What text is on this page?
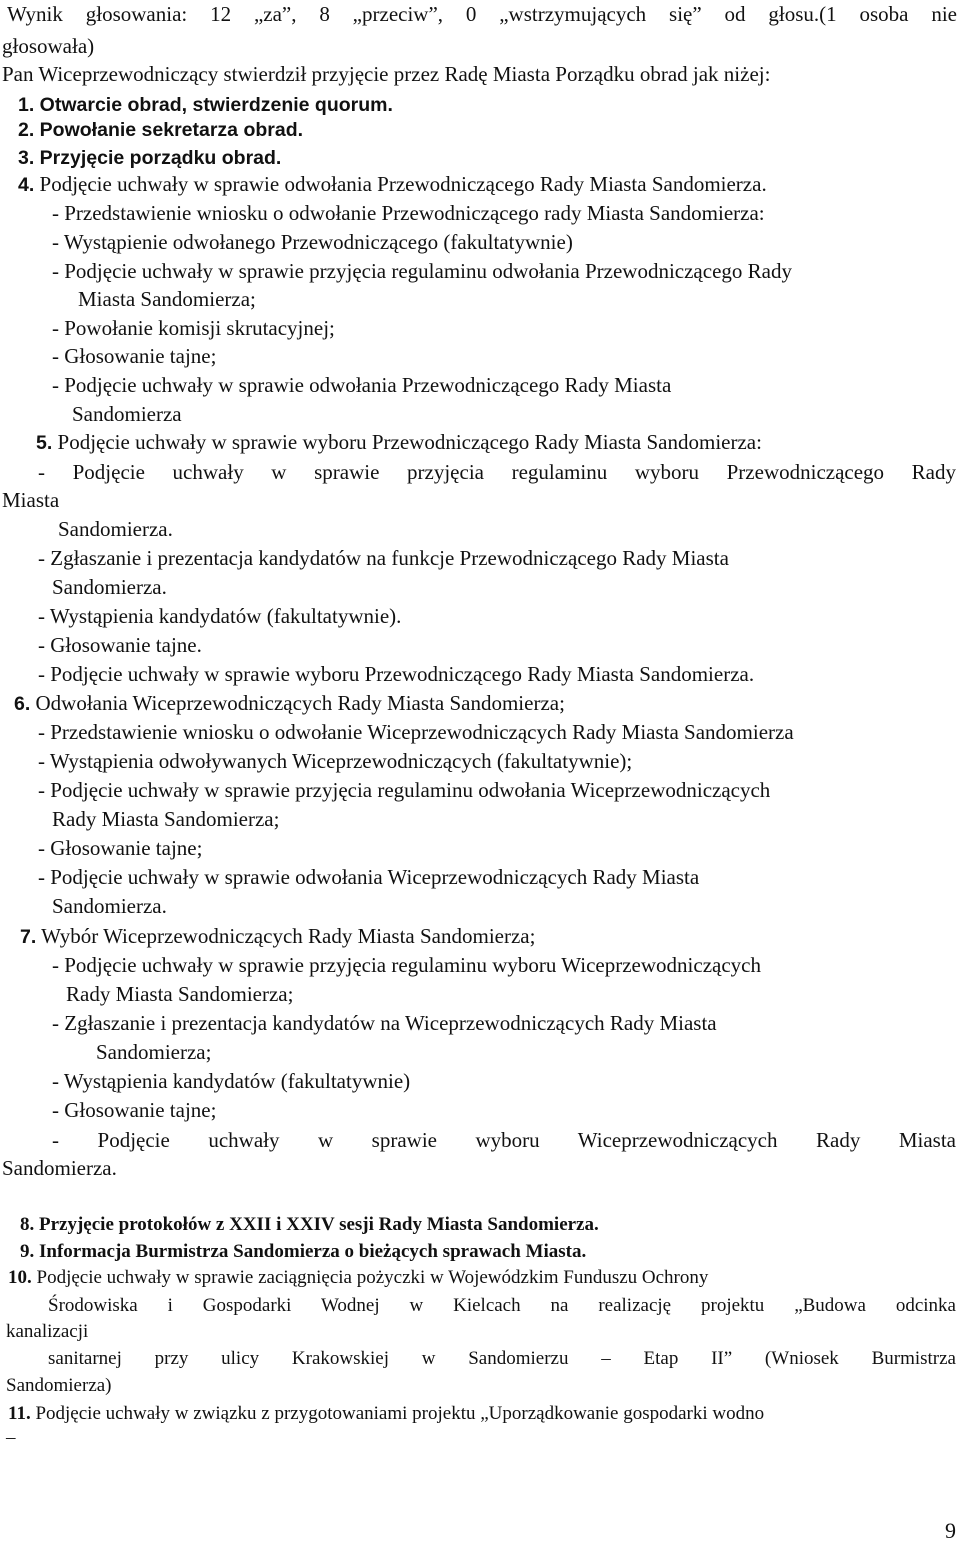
Wynik głosowania: 12 „za”, 8 „przeciw”, 0 „wstrzymujących się” od głosu.(1 osoba nie
głosowała)
Pan Wiceprzewodniczący stwierdził przyjęcie przez Radę Miasta Porządku obrad jak niżej:
1. Otwarcie obrad, stwierdzenie quorum.
2. Powołanie sekretarza obrad.
3. Przyjęcie porządku obrad.
4. Podjęcie uchwały w sprawie odwołania Przewodniczącego Rady Miasta Sandomierza.
- Przedstawienie wniosku o odwołanie Przewodniczącego rady Miasta Sandomierza:
- Wystąpienie odwołanego Przewodniczącego (fakultatywnie)
- Podjęcie uchwały w sprawie przyjęcia regulaminu odwołania Przewodniczącego Rady
Miasta Sandomierza;
- Powołanie komisji skrutacyjnej;
- Głosowanie tajne;
- Podjęcie uchwały w sprawie odwołania Przewodniczącego Rady Miasta
Sandomierza
5. Podjęcie uchwały w sprawie wyboru Przewodniczącego Rady Miasta Sandomierza:
- Podjęcie uchwały w sprawie przyjęcia regulaminu wyboru Przewodniczącego Rady
Miasta
Sandomierza.
- Zgłaszanie i prezentacja kandydatów na funkcje Przewodniczącego Rady Miasta
Sandomierza.
- Wystąpienia kandydatów (fakultatywnie).
- Głosowanie tajne.
- Podjęcie uchwały w sprawie wyboru Przewodniczącego Rady Miasta Sandomierza.
6. Odwołania Wiceprzewodniczących Rady Miasta Sandomierza;
- Przedstawienie wniosku o odwołanie Wiceprzewodniczących Rady Miasta Sandomierza
- Wystąpienia odwoływanych Wiceprzewodniczących (fakultatywnie);
- Podjęcie uchwały w sprawie przyjęcia regulaminu odwołania Wiceprzewodniczących
Rady Miasta Sandomierza;
- Głosowanie tajne;
- Podjęcie uchwały w sprawie odwołania Wiceprzewodniczących Rady Miasta
Sandomierza.
7. Wybór Wiceprzewodniczących Rady Miasta Sandomierza;
- Podjęcie uchwały w sprawie przyjęcia regulaminu wyboru Wiceprzewodniczących
Rady Miasta Sandomierza;
- Zgłaszanie i prezentacja kandydatów na Wiceprzewodniczących Rady Miasta
Sandomierza;
- Wystąpienia kandydatów (fakultatywnie)
- Głosowanie tajne;
- Podjęcie uchwały w sprawie wyboru Wiceprzewodniczących Rady Miasta
Sandomierza.
8. Przyjęcie protokołów z XXII i XXIV sesji Rady Miasta Sandomierza.
9. Informacja Burmistrza Sandomierza o bieżących sprawach Miasta.
10. Podjęcie uchwały w sprawie zaciągnięcia pożyczki w Wojewódzkim Funduszu Ochrony
Środowiska i Gospodarki Wodnej w Kielcach na realizację projektu „Budowa odcinka
kanalizacji
sanitarnej przy ulicy Krakowskiej w Sandomierzu – Etap II” (Wniosek Burmistrza
Sandomierza)
11. Podjęcie uchwały w związku z przygotowaniami projektu „Uporządkowanie gospodarki wodno
–
9
